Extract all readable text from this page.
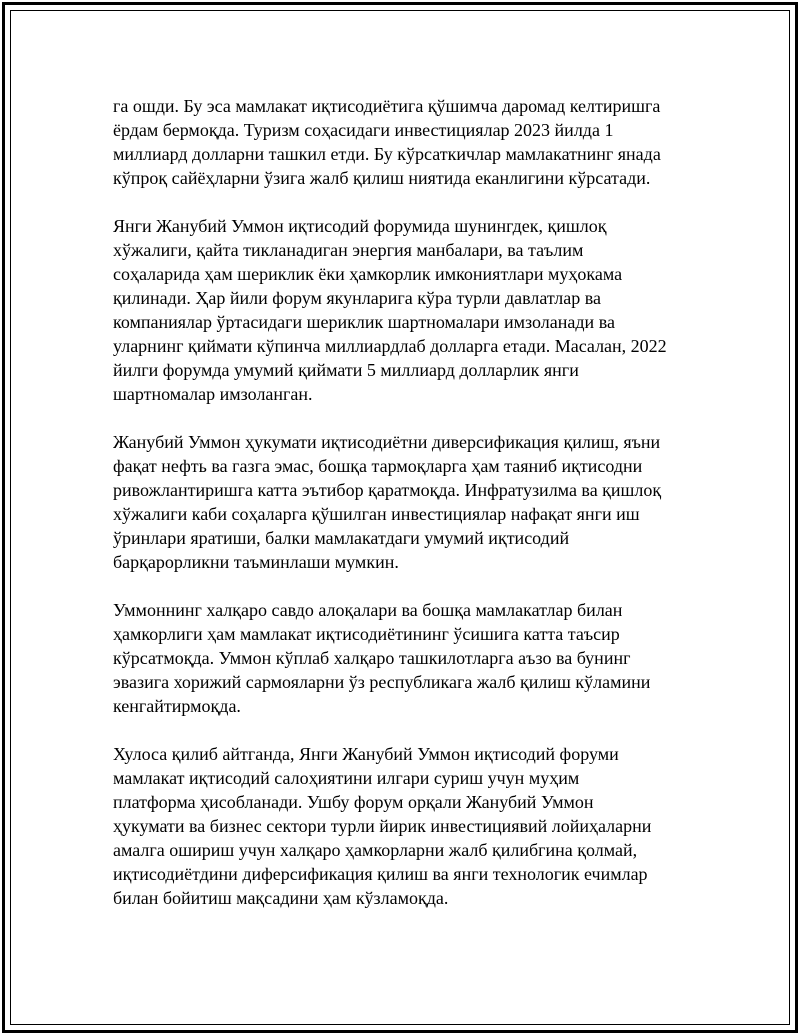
га ошди. Бу эса мамлакат иқтисодиётига қўшимча даромад келтиришга
ёрдам бермоқда. Туризм соҳасидаги инвестициялар 2023 йилда 1
миллиард долларни ташкил етди. Бу кўрсаткичлар мамлакатнинг янада
кўпроқ сайёҳларни ўзига жалб қилиш ниятида еканлигини кўрсатади.

Янги Жанубий Уммон иқтисодий форумида шунингдек, қишлоқ
хўжалиги, қайта тикланадиган энергия манбалари, ва таълим
соҳаларида ҳам шериклик ёки ҳамкорлик имкониятлари муҳокама
қилинади. Ҳар йили форум якунларига кўра турли давлатлар ва
компаниялар ўртасидаги шериклик шартномалари имзоланади ва
уларнинг қиймати кўпинча миллиардлаб долларга етади. Масалан, 2022
йилги форумда умумий қиймати 5 миллиард долларлик янги
шартномалар имзоланган.

Жанубий Уммон ҳукумати иқтисодиётни диверсификация қилиш, яъни
фақат нефть ва газга эмас, бошқа тармоқларга ҳам таяниб иқтисодни
ривожлантиришга катта эътибор қаратмоқда. Инфратузилма ва қишлоқ
хўжалиги каби соҳаларга қўшилган инвестициялар нафақат янги иш
ўринлари яратиши, балки мамлакатдаги умумий иқтисодий
барқарорликни таъминлаши мумкин.

Уммоннинг халқаро савдо алоқалари ва бошқа мамлакатлар билан
ҳамкорлиги ҳам мамлакат иқтисодиётининг ўсишига катта таъсир
кўрсатмоқда. Уммон кўплаб халқаро ташкилотларга аъзо ва бунинг
эвазига хорижий сармояларни ўз республикага жалб қилиш кўламини
кенгайтирмоқда.

Хулоса қилиб айтганда, Янги Жанубий Уммон иқтисодий форуми
мамлакат иқтисодий салоҳиятини илгари суриш учун муҳим
платформа ҳисобланади. Ушбу форум орқали Жанубий Уммон
ҳукумати ва бизнес сектори турли йирик инвестициявий лойиҳаларни
амалга ошириш учун халқаро ҳамкорларни жалб қилибгина қолмай,
иқтисодиётдини диферсификация қилиш ва янги технологик ечимлар
билан бойитиш мақсадини ҳам кўзламоқда.
